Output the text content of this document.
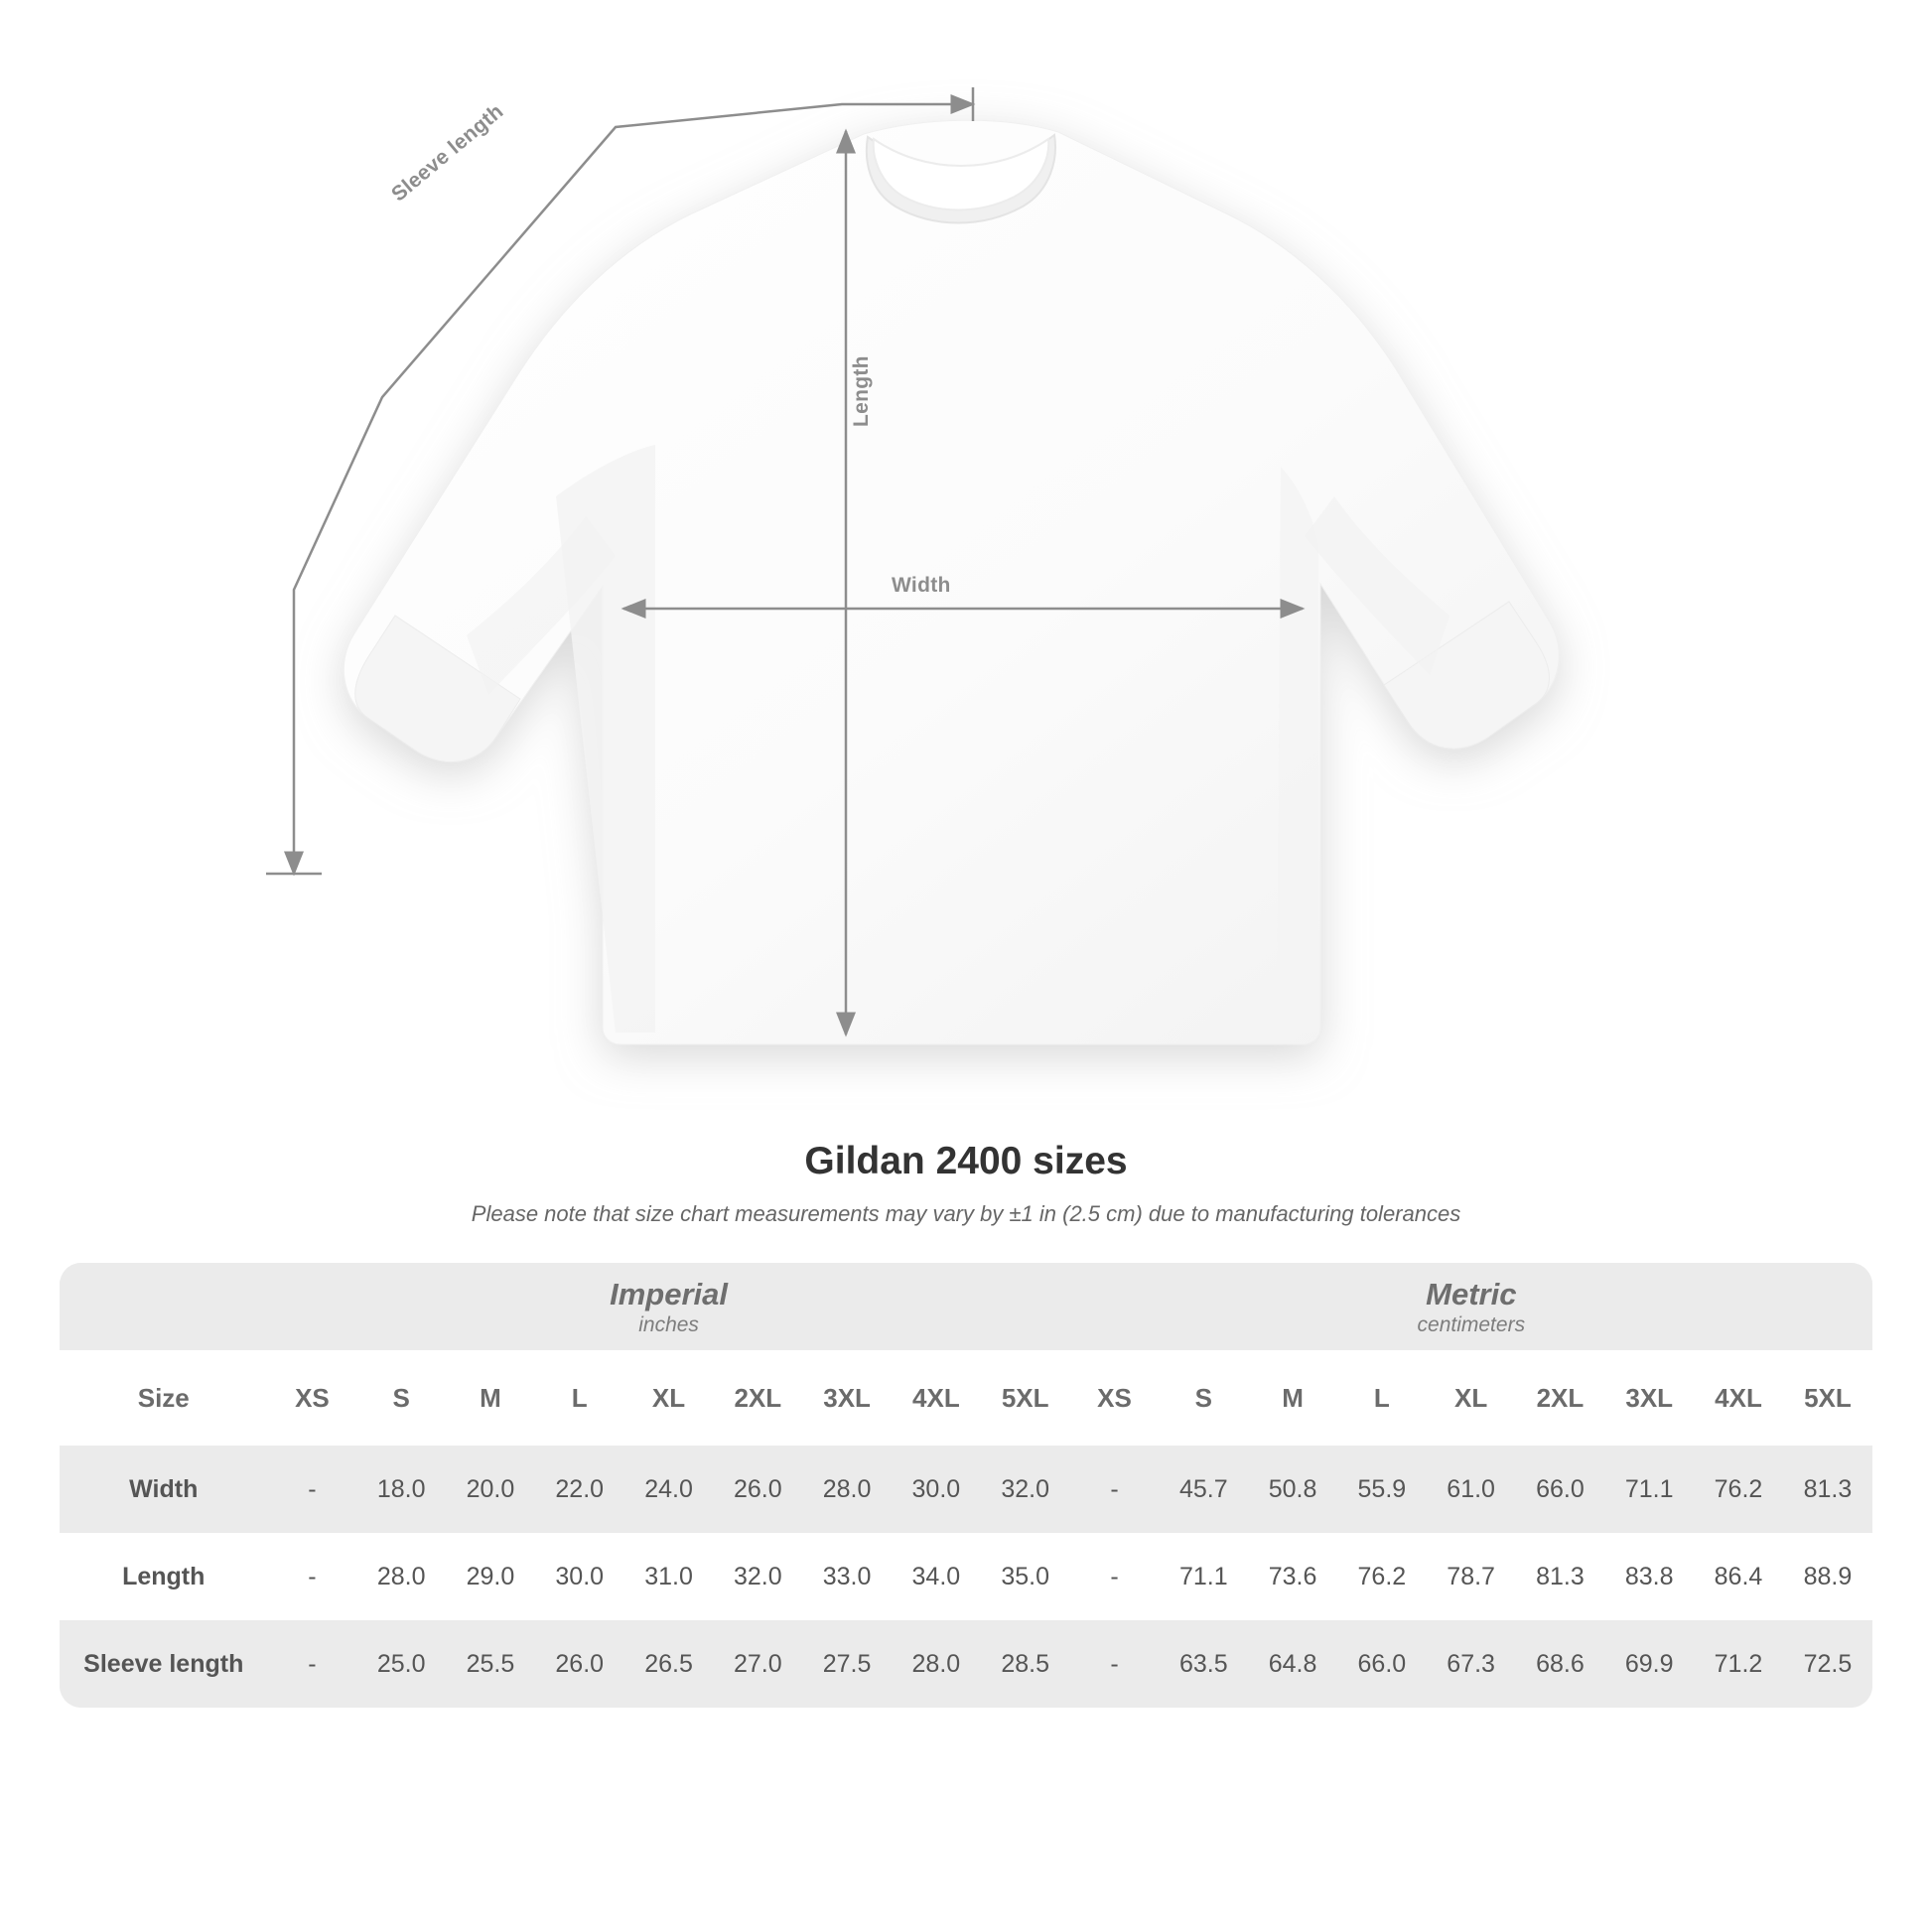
Width
Length
Sleeve length
Gildan 2400 sizes

Please note that size chart measurements may vary by ±1 in (2.5 cm) due to manufacturing tolerances

Imperial
inches

Metric
centimeters

Size	XS	S	M	L	XL	2XL	3XL	4XL	5XL	XS	S	M	L	XL	2XL	3XL	4XL	5XL
Width	-	18.0	20.0	22.0	24.0	26.0	28.0	30.0	32.0	-	45.7	50.8	55.9	61.0	66.0	71.1	76.2	81.3
Length	-	28.0	29.0	30.0	31.0	32.0	33.0	34.0	35.0	-	71.1	73.6	76.2	78.7	81.3	83.8	86.4	88.9
Sleeve length	-	25.0	25.5	26.0	26.5	27.0	27.5	28.0	28.5	-	63.5	64.8	66.0	67.3	68.6	69.9	71.2	72.5
